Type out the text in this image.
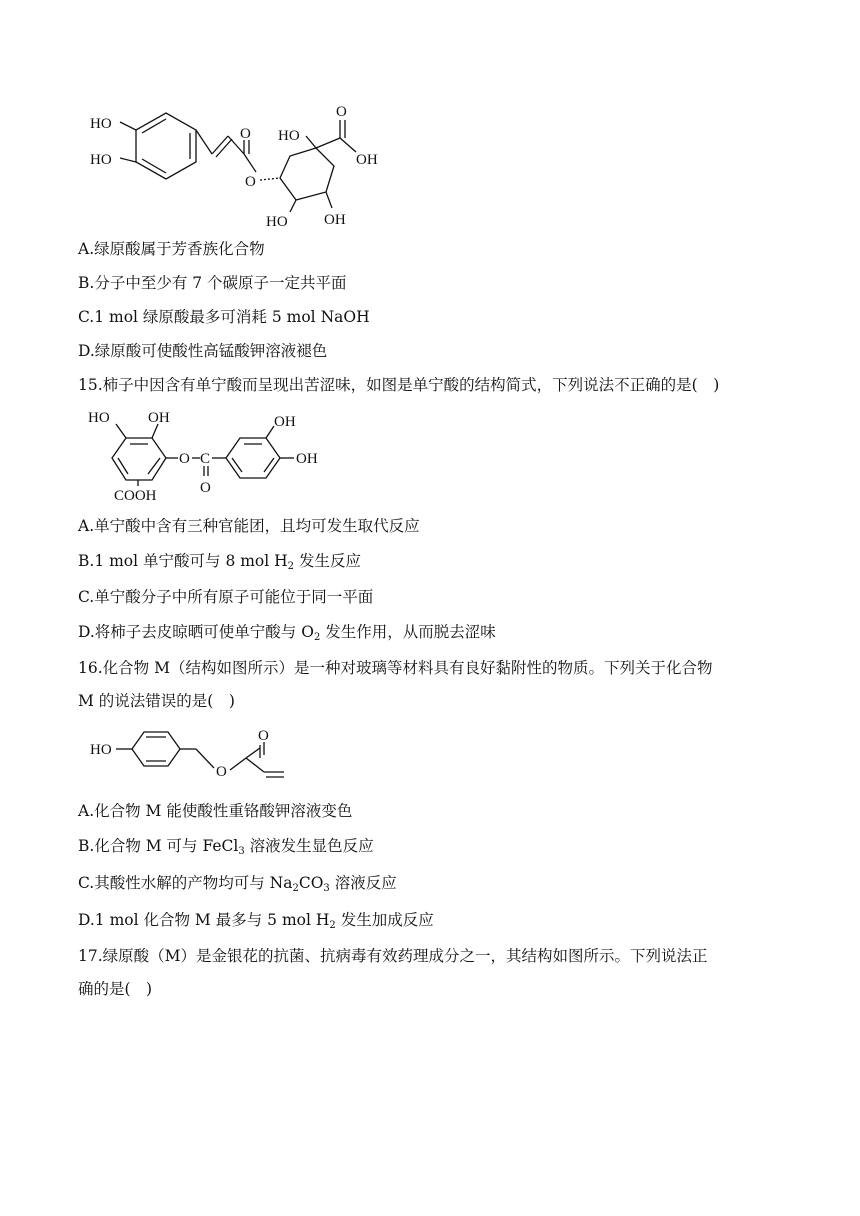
HO
HO
O
O
HO
O
OH
HO OH
A.绿原酸属于芳香族化合物
B.分子中至少有 7 个碳原子一定共平面
C.1 mol 绿原酸最多可消耗 5 mol NaOH
D.绿原酸可使酸性高锰酸钾溶液褪色
15.柿子中因含有单宁酸而呈现出苦涩味，如图是单宁酸的结构简式，下列说法不正确的是(  )
HO	OH
COOH
O C
O
OH
OH
A.单宁酸中含有三种官能团，且均可发生取代反应
B.1 mol 单宁酸可与 8 mol $H_2$ 发生反应
C.单宁酸分子中所有原子可能位于同一平面
D.将柿子去皮晾晒可使单宁酸与 $O_2$ 发生作用，从而脱去涩味
16.化合物 M（结构如图所示）是一种对玻璃等材料具有良好黏附性的物质。下列关于化合物
M 的说法错误的是(  )
HO
O
O
A.化合物 M 能使酸性重铬酸钾溶液变色
B.化合物 M 可与 FeCl$_3$ 溶液发生显色反应
C.其酸性水解的产物均可与 $Na_2CO_3$ 溶液反应
D.1 mol 化合物 M 最多与 5 mol $H_2$ 发生加成反应
17.绿原酸（M）是金银花的抗菌、抗病毒有效药理成分之一，其结构如图所示。下列说法正
确的是(  )
